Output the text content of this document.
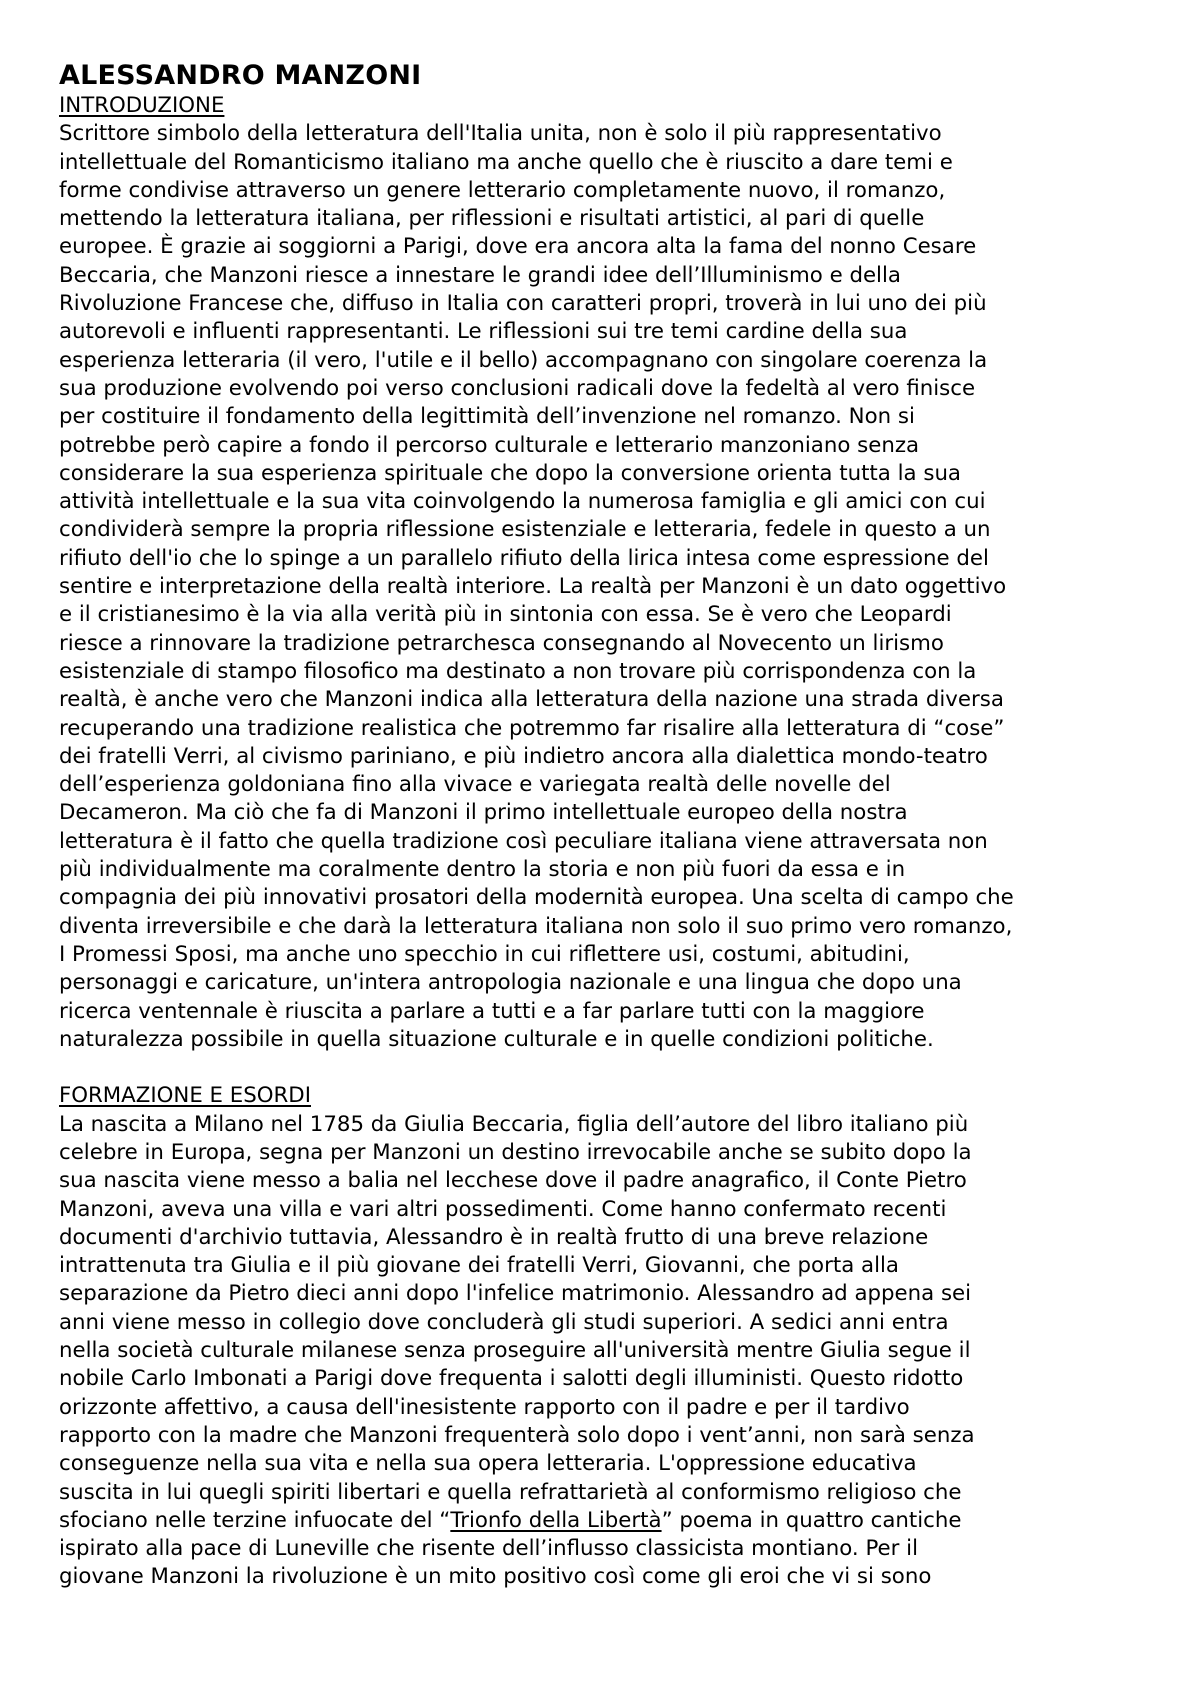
ALESSANDRO MANZONI
INTRODUZIONE

Scrittore simbolo della letteratura dell'Italia unita, non è solo il più rappresentativo
intellettuale del Romanticismo italiano ma anche quello che è riuscito a dare temi e
forme condivise attraverso un genere letterario completamente nuovo, il romanzo,
mettendo la letteratura italiana, per riflessioni e risultati artistici, al pari di quelle
europee. È grazie ai soggiorni a Parigi, dove era ancora alta la fama del nonno Cesare
Beccaria, che Manzoni riesce a innestare le grandi idee dell’Illuminismo e della
Rivoluzione Francese che, diffuso in Italia con caratteri propri, troverà in lui uno dei più
autorevoli e influenti rappresentanti. Le riflessioni sui tre temi cardine della sua
esperienza letteraria (il vero, l'utile e il bello) accompagnano con singolare coerenza la
sua produzione evolvendo poi verso conclusioni radicali dove la fedeltà al vero finisce
per costituire il fondamento della legittimità dell’invenzione nel romanzo. Non si
potrebbe però capire a fondo il percorso culturale e letterario manzoniano senza
considerare la sua esperienza spirituale che dopo la conversione orienta tutta la sua
attività intellettuale e la sua vita coinvolgendo la numerosa famiglia e gli amici con cui
condividerà sempre la propria riflessione esistenziale e letteraria, fedele in questo a un
rifiuto dell'io che lo spinge a un parallelo rifiuto della lirica intesa come espressione del
sentire e interpretazione della realtà interiore. La realtà per Manzoni è un dato oggettivo
e il cristianesimo è la via alla verità più in sintonia con essa. Se è vero che Leopardi
riesce a rinnovare la tradizione petrarchesca consegnando al Novecento un lirismo
esistenziale di stampo filosofico ma destinato a non trovare più corrispondenza con la
realtà, è anche vero che Manzoni indica alla letteratura della nazione una strada diversa
recuperando una tradizione realistica che potremmo far risalire alla letteratura di “cose”
dei fratelli Verri, al civismo pariniano, e più indietro ancora alla dialettica mondo-teatro
dell’esperienza goldoniana fino alla vivace e variegata realtà delle novelle del
Decameron. Ma ciò che fa di Manzoni il primo intellettuale europeo della nostra
letteratura è il fatto che quella tradizione così peculiare italiana viene attraversata non
più individualmente ma coralmente dentro la storia e non più fuori da essa e in
compagnia dei più innovativi prosatori della modernità europea. Una scelta di campo che
diventa irreversibile e che darà la letteratura italiana non solo il suo primo vero romanzo,
I Promessi Sposi, ma anche uno specchio in cui riflettere usi, costumi, abitudini,
personaggi e caricature, un'intera antropologia nazionale e una lingua che dopo una
ricerca ventennale è riuscita a parlare a tutti e a far parlare tutti con la maggiore
naturalezza possibile in quella situazione culturale e in quelle condizioni politiche.

FORMAZIONE E ESORDI

La nascita a Milano nel 1785 da Giulia Beccaria, figlia dell’autore del libro italiano più
celebre in Europa, segna per Manzoni un destino irrevocabile anche se subito dopo la
sua nascita viene messo a balia nel lecchese dove il padre anagrafico, il Conte Pietro
Manzoni, aveva una villa e vari altri possedimenti. Come hanno confermato recenti
documenti d'archivio tuttavia, Alessandro è in realtà frutto di una breve relazione
intrattenuta tra Giulia e il più giovane dei fratelli Verri, Giovanni, che porta alla
separazione da Pietro dieci anni dopo l'infelice matrimonio. Alessandro ad appena sei
anni viene messo in collegio dove concluderà gli studi superiori. A sedici anni entra
nella società culturale milanese senza proseguire all'università mentre Giulia segue il
nobile Carlo Imbonati a Parigi dove frequenta i salotti degli illuministi. Questo ridotto
orizzonte affettivo, a causa dell'inesistente rapporto con il padre e per il tardivo
rapporto con la madre che Manzoni frequenterà solo dopo i vent’anni, non sarà senza
conseguenze nella sua vita e nella sua opera letteraria. L'oppressione educativa
suscita in lui quegli spiriti libertari e quella refrattarietà al conformismo religioso che
sfociano nelle terzine infuocate del “Trionfo della Libertà” poema in quattro cantiche
ispirato alla pace di Luneville che risente dell’influsso classicista montiano. Per il
giovane Manzoni la rivoluzione è un mito positivo così come gli eroi che vi si sono
